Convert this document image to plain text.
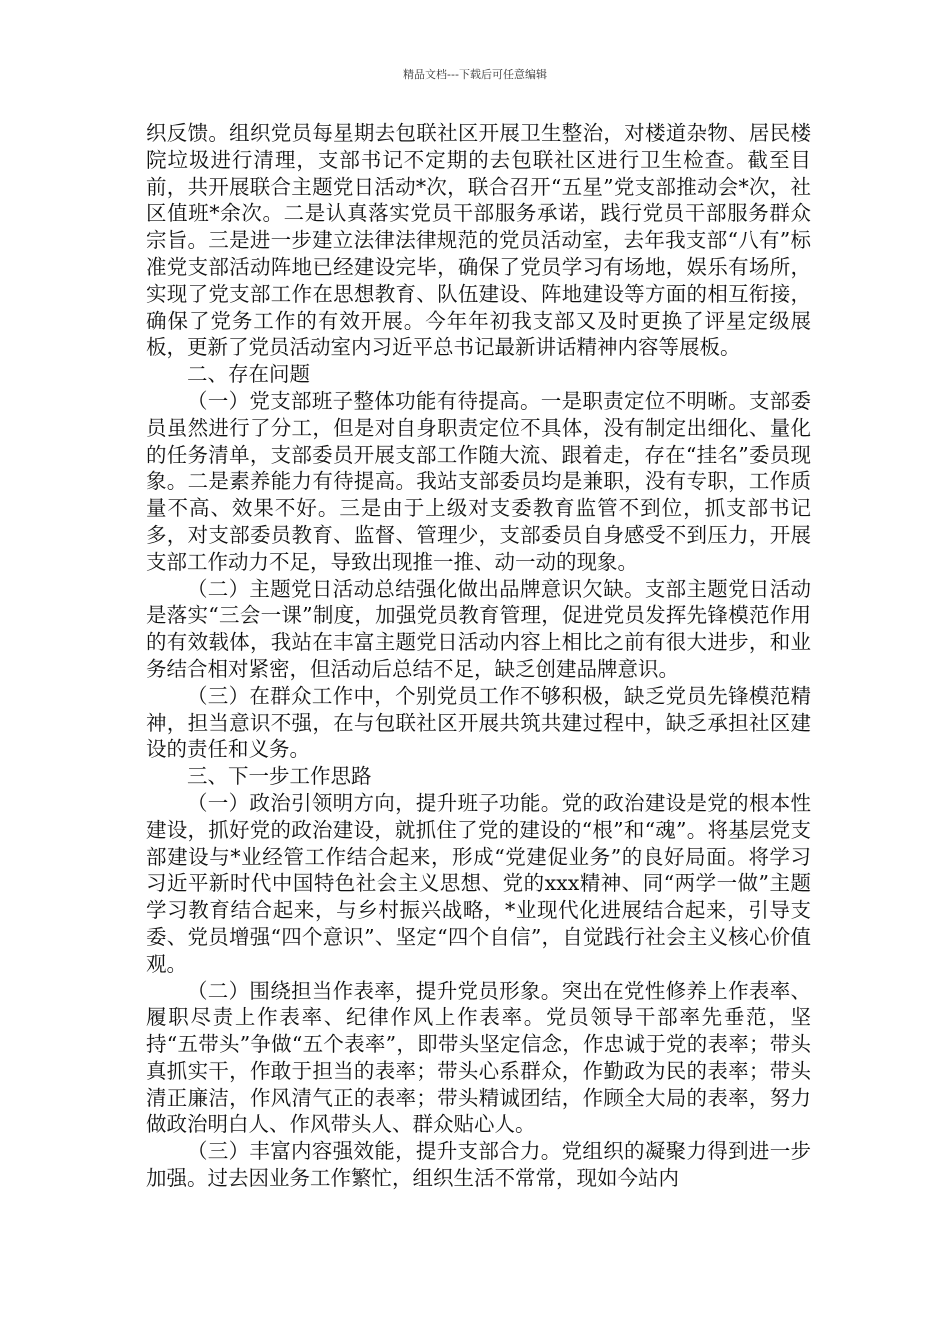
精品文档---下载后可任意编辑

织反馈。组织党员每星期去包联社区开展卫生整治，对楼道杂物、居民楼院垃圾进行清理，支部书记不定期的去包联社区进行卫生检查。截至目前，共开展联合主题党日活动*次，联合召开“五星”党支部推动会*次，社区值班*余次。二是认真落实党员干部服务承诺，践行党员干部服务群众宗旨。三是进一步建立法律法律规范的党员活动室，去年我支部“八有”标准党支部活动阵地已经建设完毕，确保了党员学习有场地，娱乐有场所，实现了党支部工作在思想教育、队伍建设、阵地建设等方面的相互衔接，确保了党务工作的有效开展。今年年初我支部又及时更换了评星定级展板，更新了党员活动室内习近平总书记最新讲话精神内容等展板。

二、存在问题

（一）党支部班子整体功能有待提高。一是职责定位不明晰。支部委员虽然进行了分工，但是对自身职责定位不具体，没有制定出细化、量化的任务清单，支部委员开展支部工作随大流、跟着走，存在“挂名”委员现象。二是素养能力有待提高。我站支部委员均是兼职，没有专职，工作质量不高、效果不好。三是由于上级对支委教育监管不到位，抓支部书记多，对支部委员教育、监督、管理少，支部委员自身感受不到压力，开展支部工作动力不足，导致出现推一推、动一动的现象。

（二）主题党日活动总结强化做出品牌意识欠缺。支部主题党日活动是落实“三会一课”制度，加强党员教育管理，促进党员发挥先锋模范作用的有效载体，我站在丰富主题党日活动内容上相比之前有很大进步，和业务结合相对紧密，但活动后总结不足，缺乏创建品牌意识。

（三）在群众工作中，个别党员工作不够积极，缺乏党员先锋模范精神，担当意识不强，在与包联社区开展共筑共建过程中，缺乏承担社区建设的责任和义务。

三、下一步工作思路

（一）政治引领明方向，提升班子功能。党的政治建设是党的根本性建设，抓好党的政治建设，就抓住了党的建设的“根”和“魂”。将基层党支部建设与*业经管工作结合起来，形成“党建促业务”的良好局面。将学习习近平新时代中国特色社会主义思想、党的xxx精神、同“两学一做”主题学习教育结合起来，与乡村振兴战略，*业现代化进展结合起来，引导支委、党员增强“四个意识”、坚定“四个自信”，自觉践行社会主义核心价值观。

（二）围绕担当作表率，提升党员形象。突出在党性修养上作表率、履职尽责上作表率、纪律作风上作表率。党员领导干部率先垂范，坚持“五带头”争做“五个表率”，即带头坚定信念，作忠诚于党的表率；带头真抓实干，作敢于担当的表率；带头心系群众，作勤政为民的表率；带头清正廉洁，作风清气正的表率；带头精诚团结，作顾全大局的表率，努力做政治明白人、作风带头人、群众贴心人。

（三）丰富内容强效能，提升支部合力。党组织的凝聚力得到进一步加强。过去因业务工作繁忙，组织生活不常常，现如今站内
